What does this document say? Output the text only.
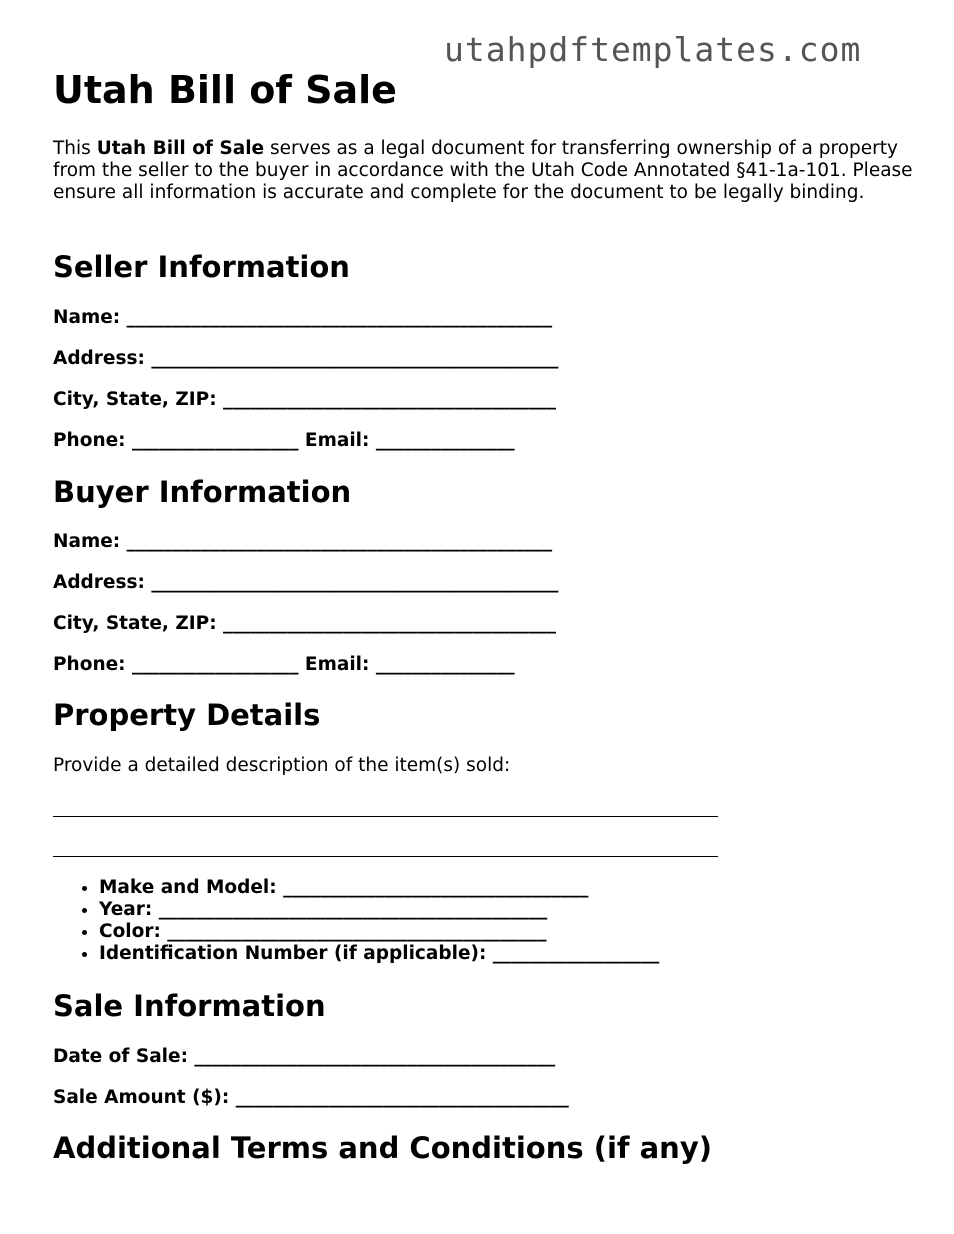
utahpdftemplates.com
Utah Bill of Sale

This Utah Bill of Sale serves as a legal document for transferring ownership of a property from the seller to the buyer in accordance with the Utah Code Annotated §41-1a-101. Please ensure all information is accurate and complete for the document to be legally binding.

Seller Information
Name: ______________________________________________
Address: ____________________________________________
City, State, ZIP: ____________________________________
Phone: __________________ Email: _______________
Buyer Information
Name: ______________________________________________
Address: ____________________________________________
City, State, ZIP: ____________________________________
Phone: __________________ Email: _______________
Property Details
Provide a detailed description of the item(s) sold:
• Make and Model: _________________________________
• Year: __________________________________________
• Color: _________________________________________
• Identification Number (if applicable): __________________
Sale Information
Date of Sale: _______________________________________
Sale Amount ($): ____________________________________
Additional Terms and Conditions (if any)
